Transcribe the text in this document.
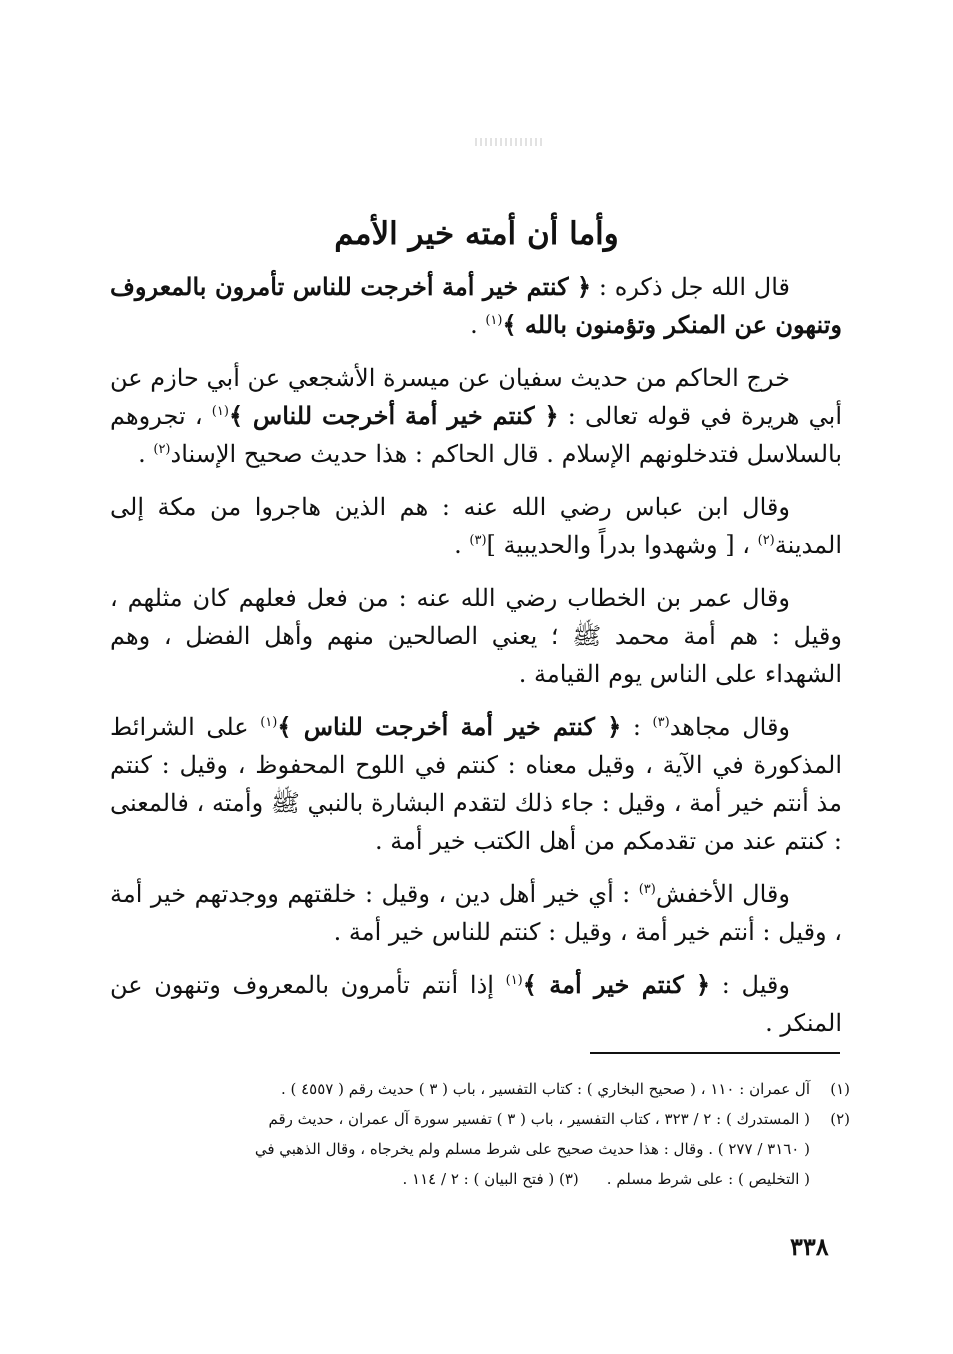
وأما أن أمته خير الأمم

قال الله جل ذكره : ﴿ كنتم خير أمة أخرجت للناس تأمرون بالمعروف وتنهون عن المنكر وتؤمنون بالله ﴾$^{(١)}$ .

خرج الحاكم من حديث سفيان عن ميسرة الأشجعي عن أبي حازم عن أبي هريرة في قوله تعالى : ﴿ كنتم خير أمة أخرجت للناس ﴾$^{(١)}$ ، تجروهم بالسلاسل فتدخلونهم الإسلام . قال الحاكم : هذا حديث صحيح الإسناد$^{(٢)}$ .

وقال ابن عباس رضي الله عنه : هم الذين هاجروا من مكة إلى المدينة$^{(٢)}$ ، [ وشهدوا بدراً والحديبية ]$^{(٣)}$ .

وقال عمر بن الخطاب رضي الله عنه : من فعل فعلهم كان مثلهم ، وقيل : هم أمة محمد ﷺ ؛ يعني الصالحين منهم وأهل الفضل ، وهم الشهداء على الناس يوم القيامة .

وقال مجاهد$^{(٣)}$ : ﴿ كنتم خير أمة أخرجت للناس ﴾$^{(١)}$ على الشرائط المذكورة في الآية ، وقيل معناه : كنتم في اللوح المحفوظ ، وقيل : كنتم مذ أنتم خير أمة ، وقيل : جاء ذلك لتقدم البشارة بالنبي ﷺ وأمته ، فالمعنى : كنتم عند من تقدمكم من أهل الكتب خير أمة .

وقال الأخفش$^{(٣)}$ : أي خير أهل دين ، وقيل : خلقتهم ووجدتهم خير أمة ، وقيل : أنتم خير أمة ، وقيل : كنتم للناس خير أمة .

وقيل : ﴿ كنتم خير أمة ﴾$^{(١)}$ إذا أنتم تأمرون بالمعروف وتنهون عن المنكر .

(١)
آل عمران : ١١٠ ، ( صحيح البخاري ) : كتاب التفسير ، باب ( ٣ ) حديث رقم ( ٤٥٥٧ ) .
(٢)
( المستدرك ) : ٢ / ٣٢٣ ، كتاب التفسير ، باب ( ٣ ) تفسير سورة آل عمران ، حديث رقم
( ٣١٦٠ / ٢٧٧ ) . وقال : هذا حديث صحيح على شرط مسلم ولم يخرجاه ، وقال الذهبي في
( التخليص ) : على شرط مسلم .(٣) ( فتح البيان ) : ٢ / ١١٤ .
٣٣٨
